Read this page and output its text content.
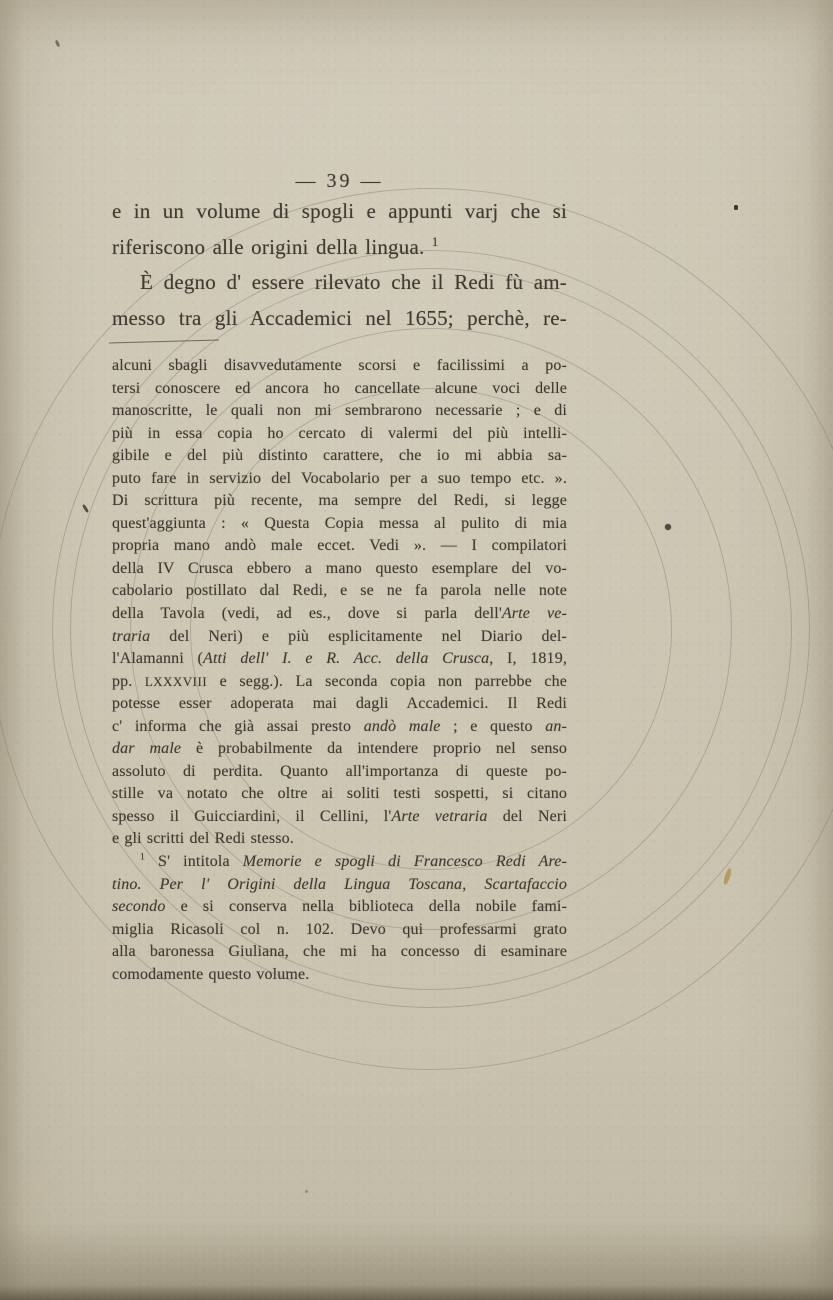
— 39 —
e in un volume di spogli e appunti varj che si
riferiscono alle origini della lingua. $^1$
È degno d' essere rilevato che il Redi fù am-
messo tra gli Accademici nel 1655; perchè, re-
alcuni sbagli disavvedutamente scorsi e facilissimi a po-
tersi conoscere ed ancora ho cancellate alcune voci delle
manoscritte, le quali non mi sembrarono necessarie ; e di
più in essa copia ho cercato di valermi del più intelli-
gibile e del più distinto carattere, che io mi abbia sa-
puto fare in servizio del Vocabolario per a suo tempo etc. ».
Di scrittura più recente, ma sempre del Redi, si legge
quest'aggiunta : « Questa Copia messa al pulito di mia
propria mano andò male eccet. Vedi ». — I compilatori
della IV Crusca ebbero a mano questo esemplare del vo-
cabolario postillato dal Redi, e se ne fa parola nelle note
della Tavola (vedi, ad es., dove si parla dell'Arte ve-
traria del Neri) e più esplicitamente nel Diario del-
l'Alamanni (Atti dell' I. e R. Acc. della Crusca, I, 1819,
pp. LXXXVIII e segg.). La seconda copia non parrebbe che
potesse esser adoperata mai dagli Accademici. Il Redi
c' informa che già assai presto andò male ; e questo an-
dar male è probabilmente da intendere proprio nel senso
assoluto di perdita. Quanto all'importanza di queste po-
stille va notato che oltre ai soliti testi sospetti, si citano
spesso il Guicciardini, il Cellini, l'Arte vetraria del Neri
e gli scritti del Redi stesso.
$^1$ S' intitola Memorie e spogli di Francesco Redi Are-
tino. Per l' Origini della Lingua Toscana, Scartafaccio
secondo e si conserva nella biblioteca della nobile fami-
miglia Ricasoli col n. 102. Devo qui professarmi grato
alla baronessa Giuliana, che mi ha concesso di esaminare
comodamente questo volume.
